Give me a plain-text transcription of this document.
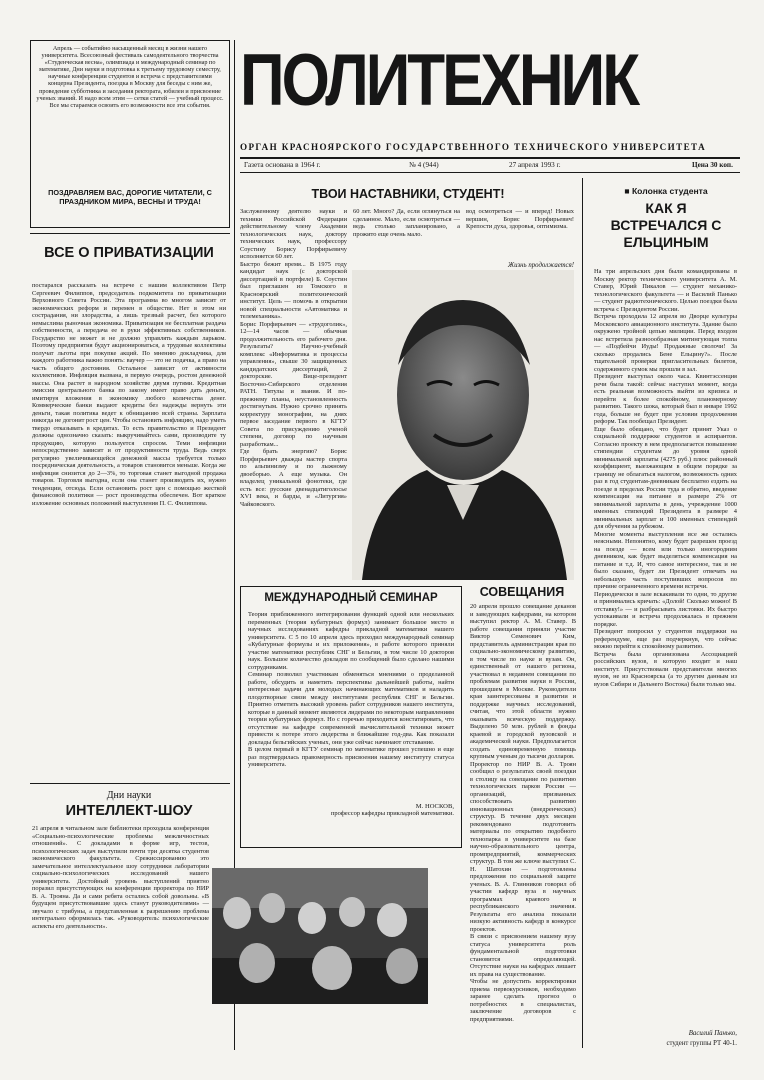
Апрель — событийно насыщенный месяц в жизни нашего университета. Всесоюзный фестиваль самодеятельного творчества «Студенческая весна», олимпиада и международный семинар по математике, Дни науки и подготовка к третьему трудовому семестру, научные конференции студентов и встреча с представителями концерна Президента, поездка в Москву для беседы с ним же, проведение субботника и заседания ректората, юбилеи и присвоение ученых званий. И надо всем этим — сетки статей — учебный процесс. Все мы стараемся освоить его возможности все эти события.
ПОЗДРАВЛЯЕМ ВАС, ДОРОГИЕ ЧИТАТЕЛИ, С ПРАЗДНИКОМ МИРА, ВЕСНЫ И ТРУДА!
ПОЛИТЕХНИК
ОРГАН КРАСНОЯРСКОГО ГОСУДАРСТВЕННОГО ТЕХНИЧЕСКОГО УНИВЕРСИТЕТА
Газета основана в 1964 г.	№ 4 (944)	27 апреля 1993 г.	Цена 30 коп.
ВСЕ О ПРИВАТИЗАЦИИ
постарался рассказать на встрече с нашим коллективом Петр Сергеевич Филиппов, председатель подкомитета по приватизации Верховного Совета России. Эта программа во многом зависит от экономических реформ и перемен в обществе. Нет в этом ни сострадания, ни злорадства, а лишь трезвый расчет, без которого немыслима рыночная экономика. Приватизация не бесплатная раздача собственности, а передача ее в руки эффективных собственников. Государство не может и не должно управлять каждым ларьком. Поэтому предприятия будут акционироваться, а трудовые коллективы получат льготы при покупке акций. По мнению докладчика, для каждого работника важно понять: ваучер — это не подачка, а право на часть общего достояния. Остальное зависит от активности коллективов. Инфляция вызвана, в первую очередь, ростом денежной массы. Она растет в народном хозяйстве двумя путями. Кредитная эмиссия центрального банка по закону имеет право дать деньги, имитируя вложения в экономику любого количества денег. Коммерческие банки выдают кредиты без надежды вернуть эти деньги, такая политика ведет к обнищанию всей страны. Зарплата никогда не догонит рост цен. Чтобы остановить инфляцию, надо уметь твердо отказывать в кредитах. То есть правительство и Президент должны однозначно сказать: выкручивайтесь сами, производите ту продукцию, которую пользуется спросом. Теми инфляции непосредственно зависит и от продуктивности труда. Ведь сверх регулярно увеличивающейся денежной массы требуется только посредническая деятельность, а товаров становится меньше. Когда же инфляция снизится до 2—3%, то торговая станет выгодной продажа товаров. Торговля выгодна, если она станет производить их, нужно тенденции, отсюда. Если остановить рост цен с помощью жесткой финансовой политики — рост производства обеспечен. Вот краткое изложение основных положений выступления П. С. Филиппова.
Дни науки
ИНТЕЛЛЕКТ-ШОУ
21 апреля в читальном зале библиотеки проходила конференция «Социально-психологические проблемы межличностных отношений». С докладами в форме игр, тестов, психологических задач выступили почти три десятка студентов экономического факультета. Срежиссированию это замечательное интеллектуальное шоу сотрудники лаборатории социально-психологических исследований нашего университета. Достойный уровень выступлений приятно поразил присутствующих на конференции проректора по НИР В. А. Трояна. Да и сами ребята остались собой довольны. «В будущем присутствовавшие здесь станут руководителями» — звучало с трибуны, а представленная к разрешению проблема интегрально оформилась так. «Руководитель: психологические аспекты его деятельности».
ТВОИ НАСТАВНИКИ, СТУДЕНТ!
Заслуженному деятелю науки и техники Российской Федерации действительному члену Академии технологических наук, доктору технических наук, профессору Соустину Борису Порфирьевичу исполняется 60 лет.
Быстро бежит время... В 1975 году кандидат наук (с докторской диссертацией в портфеле) Б. Соустин был приглашен из Томского в Красноярский политехнический институт. Цель — помочь в открытии новой специальности «Автоматика и телемеханика».
Борис Порфирьевич — «трудоголик», 12—14 часов — обычная продолжительность его рабочего дня. Результаты? Научно-учебный комплекс «Информатика и процессы управления», свыше 30 защищенных кандидатских диссертаций, 2 докторские. Вице-президент Восточно-Сибирского отделения РАТН. Титулы и звания. И по-прежнему планы, неустановленность достигнутым. Нужно срочно принять корректуру монографии, на днях первое заседание первого в КГТУ Совета по присуждению ученой степени, договор по научным разработкам...
Где брать энергию? Борис Порфирьевич дважды мастер спорта по альпинизму и по лыжному двоеборью. А еще музыка. Он владелец уникальной фонотеки, где есть все: русские двенадцатиголосье XVI века, и барды, и «Литургия» Чайковского.
60 лет. Много? Да, если оглянуться на сделанное. Мало, если осмотреться — ведь столько запланировано, а прожито еще очень мало.
вод осмотреться — и вперед! Новых вершин, Борис Порфирьевич! Крепости духа, здоровья, оптимизма.
Жизнь продолжается!
МЕЖДУНАРОДНЫЙ СЕМИНАР
Теория приближенного интегрирования функций одной или нескольких переменных (теория кубатурных формул) занимает большое место в научных исследованиях кафедры прикладной математики нашего университета. С 5 по 10 апреля здесь проходил международный семинар «Кубатурные формулы и их приложения», в работе которого приняли участие математики республик СНГ и Бельгии, в том числе 10 докторов наук. Большое количество докладов по сообщений было сделано нашими сотрудниками.
Семинар позволил участникам обменяться мнениями о проделанной работе, обсудить и наметить перспективы дальнейшей работы, найти интересные задачи для молодых начинающих математиков и наладить плодотворные связи между институтами республик СНГ и Бельгии. Приятно отметить высокий уровень работ сотрудников нашего института, которые в данный момент являются лидерами по некоторым направлениям теории кубатурных формул. Но с горечью приходится констатировать, что отсутствие на кафедре современной вычислительной техники может привести к потере этого лидерства в ближайшие год-два. Как показали доклады бельгийских ученых, они уже сейчас начинают отставание.
В целом первый в КГТУ семинар по математике прошел успешно и еще раз подтвердилась правомерность присвоения нашему институту статуса университета.
М. НОСКОВ,
профессор кафедры прикладной математики.
СОВЕЩАНИЯ
20 апреля прошло совещание деканов и заведующих кафедрами, на котором выступил ректор А. М. Ставер. В работе совещания приняли участие Виктор Семенович Ким, представитель администрации края по социально-экономическому развитию, в том числе по науке и вузам. Он, единственный от нашего региона, участвовал в недавнем совещании по проблемам развития науки в России, прошедшем в Москве. Руководители края заинтересованы в развитии и поддержке научных исследований, считая, что этой области нужно оказывать всяческую поддержку. Выделено 50 млн. рублей в фонды краевой и городской вузовской и академической науки. Предполагается создать единовременную помощь крупным ученым до тысячи долларов.
Проректор по НИР В. А. Троян сообщил о результатах своей поездки в столицу на совещание по развитию технологических парков России — организаций, призванных способствовать развитию инновационных (внедренческих) структур. В течение двух месяцев рекомендовано подготовить материалы по открытию подобного технопарка в университете на базе научно-образовательного центра, промпредприятий, коммерческих структур. В том же ключе выступил С. Н. Шатохин — подготовлены предложения по социальной защите ученых. В. А. Глинников говорил об участии кафедр вуза в научных программах краевого и республиканского значения. Результаты его анализа показали низкую активность кафедр в конкурсе проектов.
В связи с присвоением нашему вузу статуса университета роль фундаментальной подготовки становится определяющей. Отсутствие науки на кафедрах лишает их права на существование.
Чтобы не допустить корректировки приема первокурсников, необходимо заранее сделать прогноз о потребностях в специалистах, заключение договоров с предприятиями.
■ Колонка студента
КАК Я ВСТРЕЧАЛСЯ С ЕЛЬЦИНЫМ
На три апрельских дня были командированы в Москву ректор технического университета А. М. Ставер, Юрий Пикалов — студент механико-технологического факультета — и Василий Панько — студент радиотехнического. Целью поездки была встреча с Президентом России.
Встреча проходила 12 апреля во Дворце культуры Московского авиационного института. Здание было окружено тройной цепью милиции. Перед входом нас встретила разноообразная митингующая толпа — «Подбейчи Иуды! Продажные сволочи! За сколько продались Бене Ельцину?». После тщательной проверки пригласительных билетов, содержимого сумок мы прошли в зал.
Президент выступал около часа. Квинтэссенция речи была такой: сейчас наступил момент, когда есть реальная возможность выйти из кризиса и перейти к более спокойному, планомерному развитию. Такого шока, который был в январе 1992 года, больше не будет при условии продолжения реформ. Так пообещал Президент.
Еще было обещано, что будет принят Указ о социальной поддержке студентов и аспирантов. Согласно проекту в нем предполагается повышение стипендии студентам до уровня одной минимальной зарплаты (4275 руб.) плюс районный коэффициент, выезжающим в общем порядке за границу не облагаться налогом, возможность одних раз в год студентам-дневникам бесплатно ездить на поезде в пределах России туда и обратно, введение компенсации на питание в размере 2% от минимальной зарплаты в день, учреждение 1000 именных стипендий Президента в размере 4 минимальных зарплат и 100 именных стипендий для обучения за рубежом.
Многие моменты выступления все же остались неясными. Непонятно, кому будет разрешен проезд на поезде — всем или только иногородним дневником, как будет выделяться компенсация на питание и т.д. И, что самое интересное, так и не было сказано, будет ли Президент отвечать на небольшую часть поступивших вопросов по причине ограниченного времени встречи.
Периодически в зале вскакивали то одни, то другие и принимались кричать: «Долой! Сколько можно! В отставку!» — и разбрасывать листовки. Их быстро успокаивали и встреча продолжалась в прежнем порядке.
Президент попросил у студентов поддержки на референдуме, еще раз подчеркнув, что сейчас можно перейти к спокойному развитию.
Встреча была организована Ассоциацией российских вузов, в которую входит и наш институт. Присутствовали представители многих вузов, не из Красноярска (а то другим данным из вузов Сибири и Дальнего Востока) были только мы.
Василий Панько,
студент группы РТ 40-1.
